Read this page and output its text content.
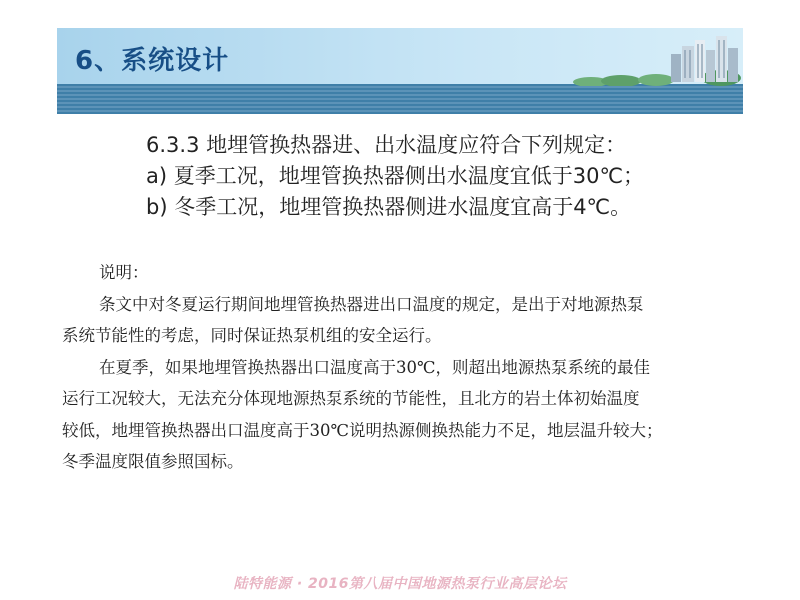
6、系统设计
6.3.3 地埋管换热器进、出水温度应符合下列规定：
a) 夏季工况，地埋管换热器侧出水温度宜低于30℃；
b) 冬季工况，地埋管换热器侧进水温度宜高于4℃。
说明：
条文中对冬夏运行期间地埋管换热器进出口温度的规定，是出于对地源热泵
系统节能性的考虑，同时保证热泵机组的安全运行。
在夏季，如果地埋管换热器出口温度高于30℃，则超出地源热泵系统的最佳
运行工况较大，无法充分体现地源热泵系统的节能性，且北方的岩土体初始温度
较低，地埋管换热器出口温度高于30℃说明热源侧换热能力不足，地层温升较大；
冬季温度限值参照国标。
陆特能源 · 2016第八届中国地源热泵行业高层论坛
